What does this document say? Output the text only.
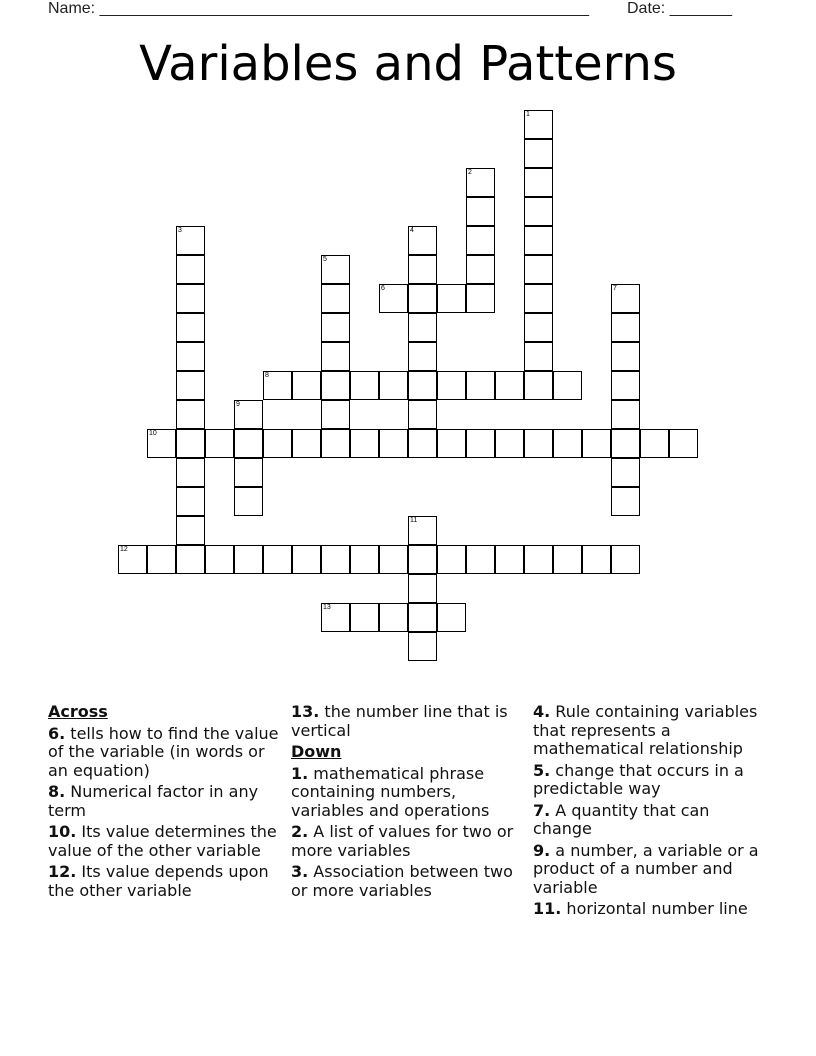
Name: _______________________________________________________ Date: _______
Variables and Patterns
1
2
3	4
5
6	7
8
9
10
11
12
13
Across
6. tells how to find the value of the variable (in words or an equation)
8. Numerical factor in any term
10. Its value determines the value of the other variable
12. Its value depends upon the other variable
13. the number line that is vertical
Down
1. mathematical phrase containing numbers, variables and operations
2. A list of values for two or more variables
3. Association between two or more variables
4. Rule containing variables that represents a mathematical relationship
5. change that occurs in a predictable way
7. A quantity that can change
9. a number, a variable or a product of a number and variable
11. horizontal number line
